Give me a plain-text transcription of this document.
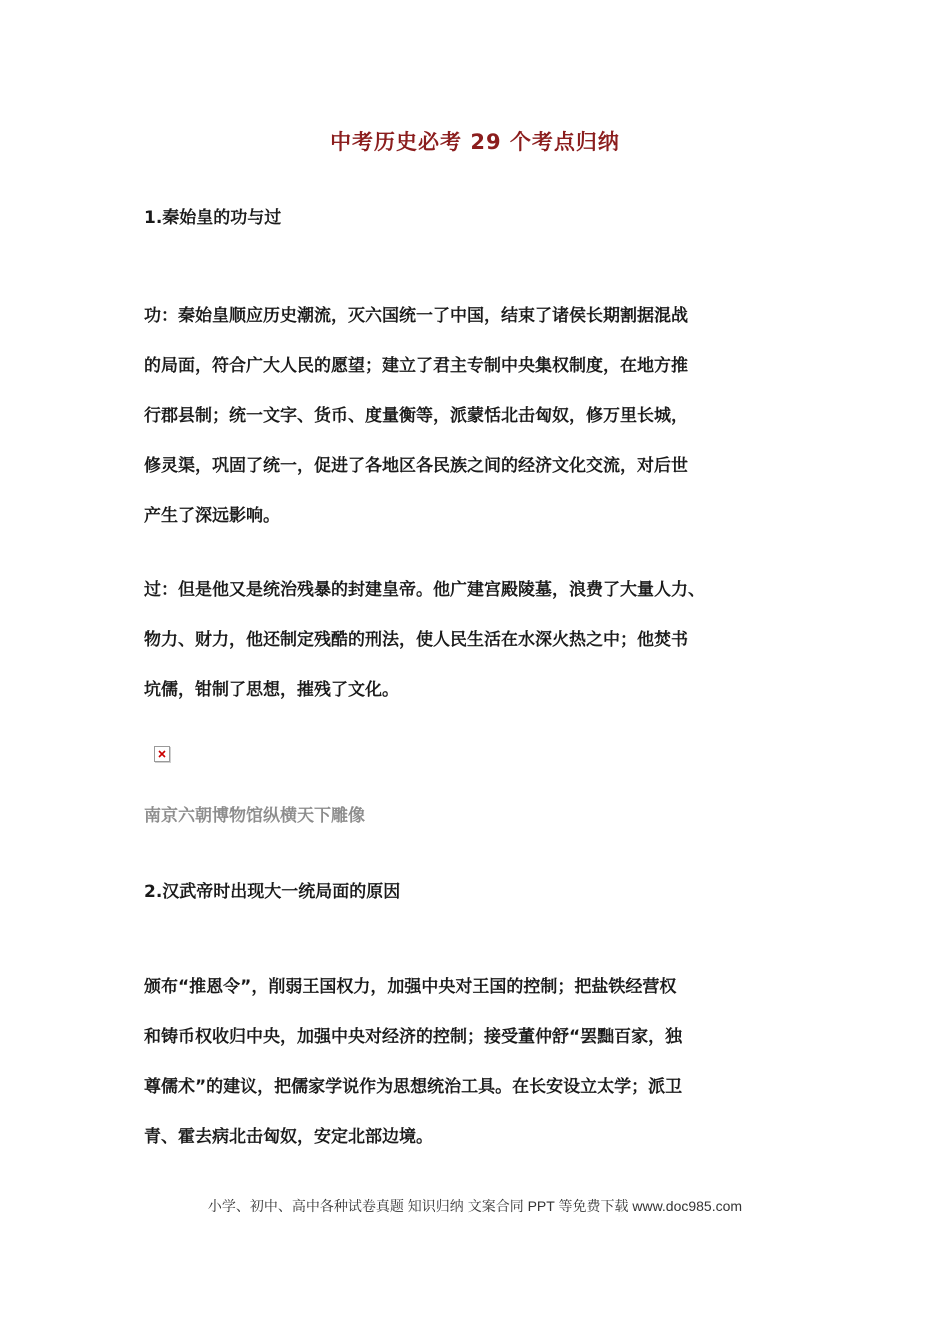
中考历史必考 29 个考点归纳
1.秦始皇的功与过
功：秦始皇顺应历史潮流，灭六国统一了中国，结束了诸侯长期割据混战
的局面，符合广大人民的愿望；建立了君主专制中央集权制度，在地方推
行郡县制；统一文字、货币、度量衡等，派蒙恬北击匈奴，修万里长城，
修灵渠，巩固了统一，促进了各地区各民族之间的经济文化交流，对后世
产生了深远影响。
过：但是他又是统治残暴的封建皇帝。他广建宫殿陵墓，浪费了大量人力、
物力、财力，他还制定残酷的刑法，使人民生活在水深火热之中；他焚书
坑儒，钳制了思想，摧残了文化。
南京六朝博物馆纵横天下雕像
2.汉武帝时出现大一统局面的原因
颁布“推恩令”，削弱王国权力，加强中央对王国的控制；把盐铁经营权
和铸币权收归中央，加强中央对经济的控制；接受董仲舒“罢黜百家，独
尊儒术”的建议，把儒家学说作为思想统治工具。在长安设立太学；派卫
青、霍去病北击匈奴，安定北部边境。
小学、初中、高中各种试卷真题 知识归纳 文案合同 PPT 等免费下载 www.doc985.com
